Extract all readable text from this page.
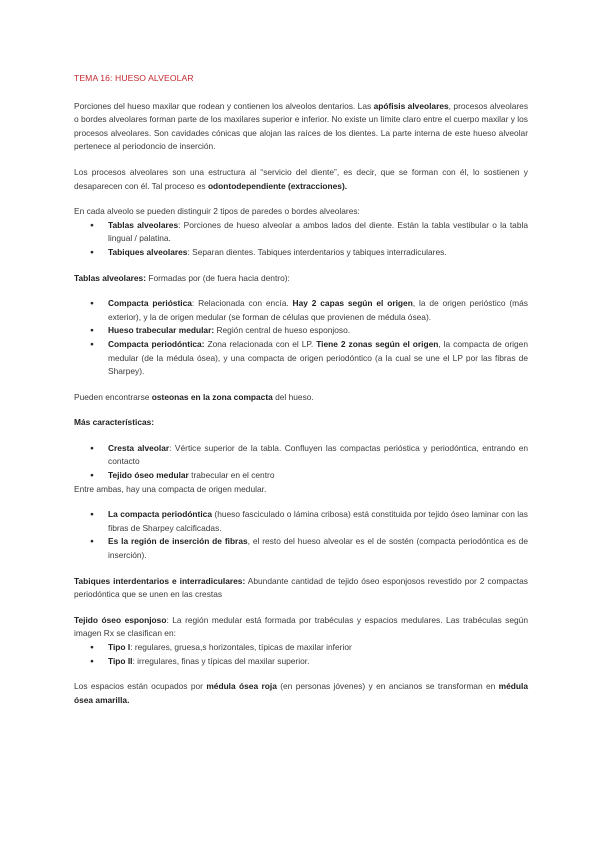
TEMA 16: HUESO ALVEOLAR

Porciones del hueso maxilar que rodean y contienen los alveolos dentarios. Las apófisis alveolares, procesos alveolares o bordes alveolares forman parte de los maxilares superior e inferior. No existe un límite claro entre el cuerpo maxilar y los procesos alveolares. Son cavidades cónicas que alojan las raíces de los dientes. La parte interna de este hueso alveolar pertenece al periodoncio de inserción.

Los procesos alveolares son una estructura al “servicio del diente”, es decir, que se forman con él, lo sostienen y desaparecen con él. Tal proceso es odontodependiente (extracciones).

En cada alveolo se pueden distinguir 2 tipos de paredes o bordes alveolares:

● Tablas alveolares: Porciones de hueso alveolar a ambos lados del diente. Están la tabla vestibular o la tabla lingual / palatina.
● Tabiques alveolares: Separan dientes. Tabiques interdentarios y tabiques interradiculares.

Tablas alveolares: Formadas por (de fuera hacia dentro):

● Compacta perióstica: Relacionada con encía. Hay 2 capas según el origen, la de origen perióstico (más exterior), y la de origen medular (se forman de células que provienen de médula ósea).
● Hueso trabecular medular: Región central de hueso esponjoso.
● Compacta periodóntica: Zona relacionada con el LP. Tiene 2 zonas según el origen, la compacta de origen medular (de la médula ósea), y una compacta de origen periodóntico (a la cual se une el LP por las fibras de Sharpey).

Pueden encontrarse osteonas en la zona compacta del hueso.

Más características:

● Cresta alveolar: Vértice superior de la tabla. Confluyen las compactas perióstica y periodóntica, entrando en contacto
● Tejido óseo medular trabecular en el centro

Entre ambas, hay una compacta de origen medular.

● La compacta periodóntica (hueso fasciculado o lámina cribosa) está constituida por tejido óseo laminar con las fibras de Sharpey calcificadas.
● Es la región de inserción de fibras, el resto del hueso alveolar es el de sostén (compacta periodóntica es de inserción).

Tabiques interdentarios e interradiculares: Abundante cantidad de tejido óseo esponjosos revestido por 2 compactas periodóntica que se unen en las crestas

Tejido óseo esponjoso: La región medular está formada por trabéculas y espacios medulares. Las trabéculas según imagen Rx se clasifican en:

● Tipo I: regulares, gruesa,s horizontales, típicas de maxilar inferior
● Tipo II: irregulares, finas y típicas del maxilar superior.

Los espacios están ocupados por médula ósea roja (en personas jóvenes) y en ancianos se transforman en médula ósea amarilla.
